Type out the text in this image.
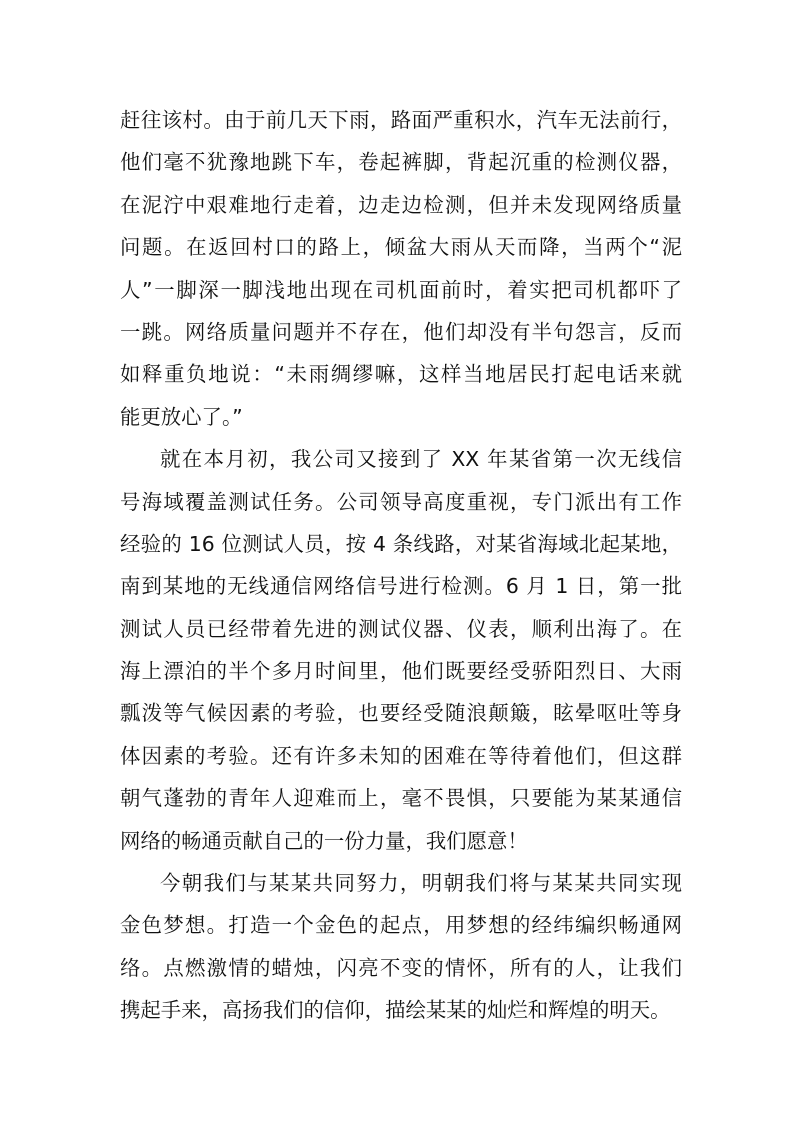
赶往该村。由于前几天下雨，路面严重积水，汽车无法前行，
他们毫不犹豫地跳下车，卷起裤脚，背起沉重的检测仪器，
在泥泞中艰难地行走着，边走边检测，但并未发现网络质量
问题。在返回村口的路上，倾盆大雨从天而降，当两个“泥
人”一脚深一脚浅地出现在司机面前时，着实把司机都吓了
一跳。网络质量问题并不存在，他们却没有半句怨言，反而
如释重负地说：“未雨绸缪嘛，这样当地居民打起电话来就
能更放心了。”
就在本月初，我公司又接到了 XX 年某省第一次无线信
号海域覆盖测试任务。公司领导高度重视，专门派出有工作
经验的 16 位测试人员，按 4 条线路，对某省海域北起某地，
南到某地的无线通信网络信号进行检测。6 月 1 日，第一批
测试人员已经带着先进的测试仪器、仪表，顺利出海了。在
海上漂泊的半个多月时间里，他们既要经受骄阳烈日、大雨
瓢泼等气候因素的考验，也要经受随浪颠簸，眩晕呕吐等身
体因素的考验。还有许多未知的困难在等待着他们，但这群
朝气蓬勃的青年人迎难而上，毫不畏惧，只要能为某某通信
网络的畅通贡献自己的一份力量，我们愿意！
今朝我们与某某共同努力，明朝我们将与某某共同实现
金色梦想。打造一个金色的起点，用梦想的经纬编织畅通网
络。点燃激情的蜡烛，闪亮不变的情怀，所有的人，让我们
携起手来，高扬我们的信仰，描绘某某的灿烂和辉煌的明天。
